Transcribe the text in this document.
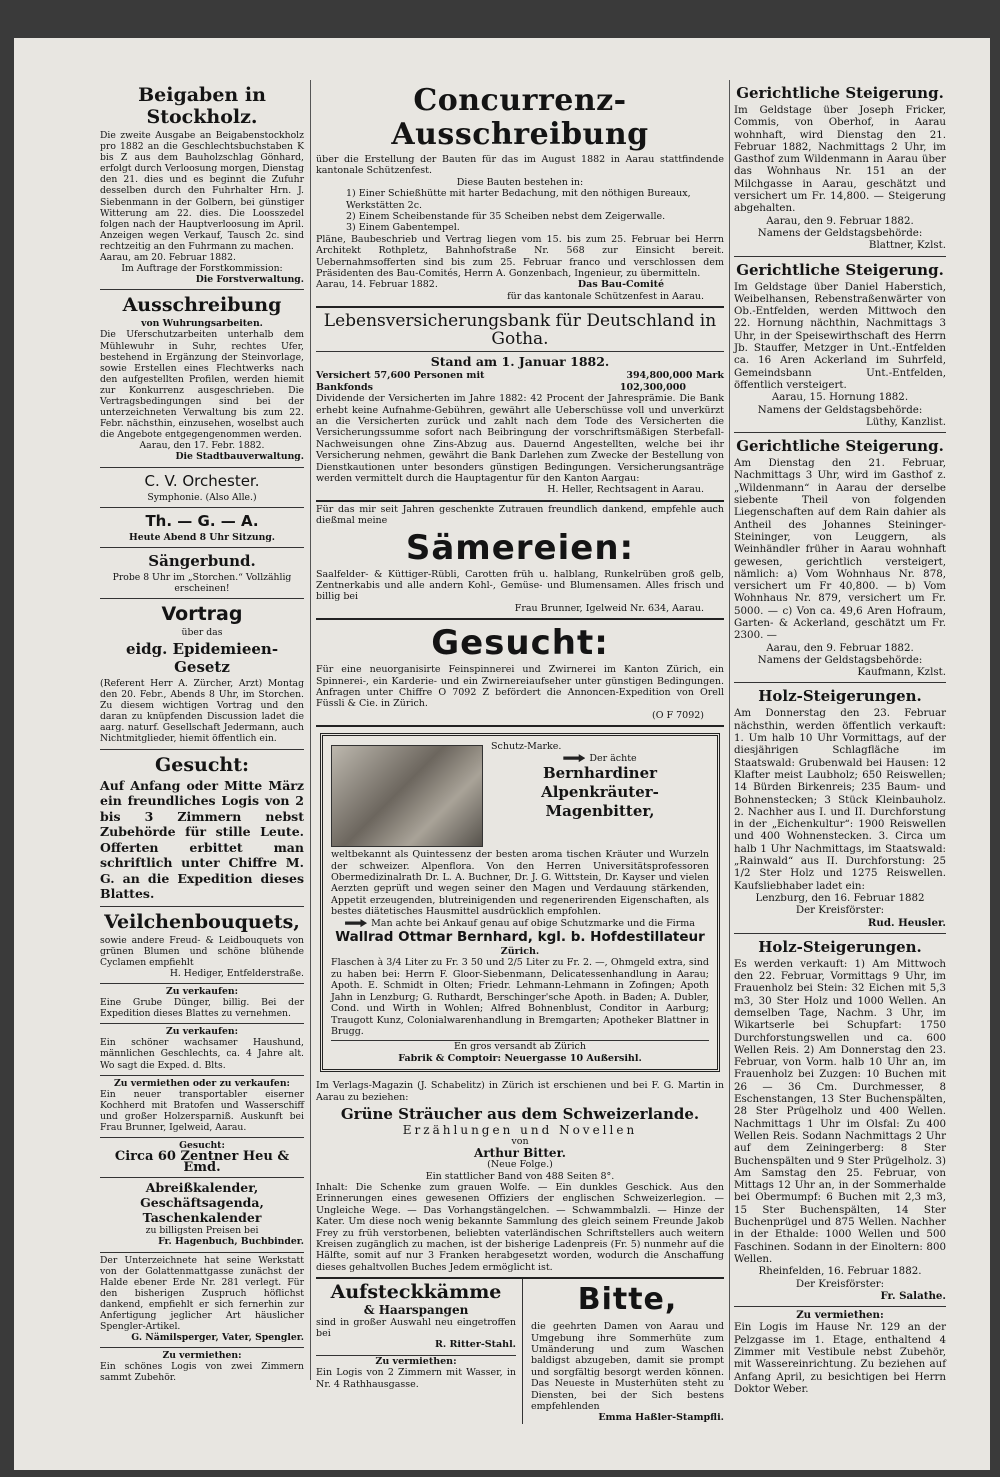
Beigaben in Stockholz.

Die zweite Ausgabe an Beigabenstockholz pro 1882 an die Geschlechtsbuchstaben K bis Z aus dem Bauholzschlag Gönhard, erfolgt durch Verloosung morgen, Dienstag den 21. dies und es beginnt die Zufuhr desselben durch den Fuhrhalter Hrn. J. Siebenmann in der Golbern, bei günstiger Witterung am 22. dies. Die Loosszedel folgen nach der Hauptverloosung im April. Anzeigen wegen Verkauf, Tausch 2c. sind rechtzeitig an den Fuhrmann zu machen.

Aarau, am 20. Februar 1882.

Im Auftrage der Forstkommission:

Die Forstverwaltung.

Ausschreibung

von Wuhrungsarbeiten.

Die Uferschutzarbeiten unterhalb dem Mühlewuhr in Suhr, rechtes Ufer, bestehend in Ergänzung der Steinvorlage, sowie Erstellen eines Flechtwerks nach den aufgestellten Profilen, werden hiemit zur Konkurrenz ausgeschrieben. Die Vertragsbedingungen sind bei der unterzeichneten Verwaltung bis zum 22. Febr. nächsthin, einzusehen, woselbst auch die Angebote entgegengenommen werden.

Aarau, den 17. Febr. 1882.

Die Stadtbauverwaltung.

C. V. Orchester.

Symphonie. (Also Alle.)

Th. — G. — A.

Heute Abend 8 Uhr Sitzung.

Sängerbund.

Probe 8 Uhr im „Storchen.“ Vollzählig erscheinen!

Vortrag

über das

eidg. Epidemieen-Gesetz

(Referent Herr A. Zürcher, Arzt) Montag den 20. Febr., Abends 8 Uhr, im Storchen. Zu diesem wichtigen Vortrag und den daran zu knüpfenden Discussion ladet die aarg. naturf. Gesellschaft Jedermann, auch Nichtmitglieder, hiemit öffentlich ein.

Gesucht:

Auf Anfang oder Mitte März ein freundliches Logis von 2 bis 3 Zimmern nebst Zubehörde für stille Leute. Offerten erbittet man schriftlich unter Chiffre M. G. an die Expedition dieses Blattes.

Veilchenbouquets,

sowie andere Freud- & Leidbouquets von grünen Blumen und schöne blühende Cyclamen empfiehlt

H. Hediger, Entfelderstraße.

Zu verkaufen:

Eine Grube Dünger, billig. Bei der Expedition dieses Blattes zu vernehmen.

Zu verkaufen:

Ein schöner wachsamer Haushund, männlichen Geschlechts, ca. 4 Jahre alt. Wo sagt die Exped. d. Blts.

Zu vermiethen oder zu verkaufen:

Ein neuer transportabler eiserner Kochherd mit Bratofen und Wasserschiff und großer Holzersparniß. Auskunft bei Frau Brunner, Igelweid, Aarau.

Gesucht:

Circa 60 Zentner Heu & Emd.

Abreißkalender,

Geschäftsagenda,

Taschenkalender

zu billigsten Preisen bei

Fr. Hagenbuch, Buchbinder.

Der Unterzeichnete hat seine Werkstatt von der Golattenmattgasse zunächst der Halde ebener Erde Nr. 281 verlegt. Für den bisherigen Zuspruch höflichst dankend, empfiehlt er sich fernerhin zur Anfertigung jeglicher Art häuslicher Spengler-Artikel.

G. Nämilsperger, Vater, Spengler.

Zu vermiethen:

Ein schönes Logis von zwei Zimmern sammt Zubehör.

Concurrenz-Ausschreibung

über die Erstellung der Bauten für das im August 1882 in Aarau stattfindende kantonale Schützenfest.

Diese Bauten bestehen in:

1) Einer Schießhütte mit harter Bedachung, mit den nöthigen Bureaux, Werkstätten 2c.

2) Einem Scheibenstande für 35 Scheiben nebst dem Zeigerwalle.

3) Einem Gabentempel.

Pläne, Baubeschrieb und Vertrag liegen vom 15. bis zum 25. Februar bei Herrn Architekt Rothpletz, Bahnhofstraße Nr. 568 zur Einsicht bereit. Uebernahmsofferten sind bis zum 25. Februar franco und verschlossen dem Präsidenten des Bau-Comités, Herrn A. Gonzenbach, Ingenieur, zu übermitteln.

Aarau, 14. Februar 1882.	Das Bau-Comité

für das kantonale Schützenfest in Aarau.

Lebensversicherungsbank für Deutschland in Gotha.

Stand am 1. Januar 1882.

Versichert 57,600 Personen mit	394,800,000 Mark

Bankfonds	102,300,000

Dividende der Versicherten im Jahre 1882: 42 Procent der Jahresprämie. Die Bank erhebt keine Aufnahme-Gebühren, gewährt alle Ueberschüsse voll und unverkürzt an die Versicherten zurück und zahlt nach dem Tode des Versicherten die Versicherungssumme sofort nach Beibringung der vorschriftsmäßigen Sterbefall-Nachweisungen ohne Zins-Abzug aus. Dauernd Angestellten, welche bei ihr Versicherung nehmen, gewährt die Bank Darlehen zum Zwecke der Bestellung von Dienstkautionen unter besonders günstigen Bedingungen. Versicherungsanträge werden vermittelt durch die Hauptagentur für den Kanton Aargau:

H. Heller, Rechtsagent in Aarau.

Für das mir seit Jahren geschenkte Zutrauen freundlich dankend, empfehle auch dießmal meine

Sämereien:

Saalfelder- & Küttiger-Rübli, Carotten früh u. halblang, Runkelrüben groß gelb, Zentnerkabis und alle andern Kohl-, Gemüse- und Blumensamen. Alles frisch und billig bei

Frau Brunner, Igelweid Nr. 634, Aarau.

Gesucht:

Für eine neuorganisirte Feinspinnerei und Zwirnerei im Kanton Zürich, ein Spinnerei-, ein Karderie- und ein Zwirnereiaufseher unter günstigen Bedingungen. Anfragen unter Chiffre O 7092 Z befördert die Annoncen-Expedition von Orell Füssli & Cie. in Zürich.

(O F 7092)

Schutz-Marke.

Der ächte

Bernhardiner

Alpenkräuter-

Magenbitter,

weltbekannt als Quintessenz der besten aroma tischen Kräuter und Wurzeln der schweizer. Alpenflora. Von den Herren Universitätsprofessoren Obermedizinalrath Dr. L. A. Buchner, Dr. J. G. Wittstein, Dr. Kayser und vielen Aerzten geprüft und wegen seiner den Magen und Verdauung stärkenden, Appetit erzeugenden, blutreinigenden und regenerirenden Eigenschaften, als bestes diätetisches Hausmittel ausdrücklich empfohlen.

Man achte bei Ankauf genau auf obige Schutzmarke und die Firma

Wallrad Ottmar Bernhard, kgl. b. Hofdestillateur

Zürich.

Flaschen à 3/4 Liter zu Fr. 3 50 und 2/5 Liter zu Fr. 2. —, Ohmgeld extra, sind zu haben bei: Herrn F. Gloor-Siebenmann, Delicatessenhandlung in Aarau; Apoth. E. Schmidt in Olten; Friedr. Lehmann-Lehmann in Zofingen; Apoth Jahn in Lenzburg; G. Ruthardt, Berschinger'sche Apoth. in Baden; A. Dubler, Cond. und Wirth in Wohlen; Alfred Bohnenblust, Conditor in Aarburg; Traugott Kunz, Colonialwarenhandlung in Bremgarten; Apotheker Blattner in Brugg.

En gros versandt ab Zürich

Fabrik & Comptoir: Neuergasse 10 Außersihl.

Im Verlags-Magazin (J. Schabelitz) in Zürich ist erschienen und bei F. G. Martin in Aarau zu beziehen:

Grüne Sträucher aus dem Schweizerlande.

Erzählungen und Novellen

von

Arthur Bitter.

(Neue Folge.)

Ein stattlicher Band von 488 Seiten 8°.

Inhalt: Die Schenke zum grauen Wolfe. — Ein dunkles Geschick. Aus den Erinnerungen eines gewesenen Offiziers der englischen Schweizerlegion. — Ungleiche Wege. — Das Vorhangstängelchen. — Schwammbalzli. — Hinze der Kater. Um diese noch wenig bekannte Sammlung des gleich seinem Freunde Jakob Frey zu früh verstorbenen, beliebten vaterländischen Schriftstellers auch weitern Kreisen zugänglich zu machen, ist der bisherige Ladenpreis (Fr. 5) nunmehr auf die Hälfte, somit auf nur 3 Franken herabgesetzt worden, wodurch die Anschaffung dieses gehaltvollen Buches Jedem ermöglicht ist.

Aufsteckkämme

& Haarspangen

sind in großer Auswahl neu eingetroffen bei

R. Ritter-Stahl.

Zu vermiethen:

Ein Logis von 2 Zimmern mit Wasser, in Nr. 4 Rathhausgasse.

Bitte,

die geehrten Damen von Aarau und Umgebung ihre Sommerhüte zum Umänderung und zum Waschen baldigst abzugeben, damit sie prompt und sorgfältig besorgt werden können. Das Neueste in Musterhüten steht zu Diensten, bei der Sich bestens empfehlenden

Emma Haßler-Stampfli.

Gerichtliche Steigerung.

Im Geldstage über Joseph Fricker, Commis, von Oberhof, in Aarau wohnhaft, wird Dienstag den 21. Februar 1882, Nachmittags 2 Uhr, im Gasthof zum Wildenmann in Aarau über das Wohnhaus Nr. 151 an der Milchgasse in Aarau, geschätzt und versichert um Fr. 14,800. — Steigerung abgehalten.

Aarau, den 9. Februar 1882.

Namens der Geldstagsbehörde:

Blattner, Kzlst.

Gerichtliche Steigerung.

Im Geldstage über Daniel Haberstich, Weibelhansen, Rebenstraßenwärter von Ob.-Entfelden, werden Mittwoch den 22. Hornung nächthin, Nachmittags 3 Uhr, in der Speisewirthschaft des Herrn Jb. Stauffer, Metzger in Unt.-Entfelden ca. 16 Aren Ackerland im Suhrfeld, Gemeindsbann Unt.-Entfelden, öffentlich versteigert.

Aarau, 15. Hornung 1882.

Namens der Geldstagsbehörde:

Lüthy, Kanzlist.

Gerichtliche Steigerung.

Am Dienstag den 21. Februar, Nachmittags 3 Uhr, wird im Gasthof z. „Wildenmann“ in Aarau der derselbe siebente Theil von folgenden Liegenschaften auf dem Rain dahier als Antheil des Johannes Steininger-Steininger, von Leuggern, als Weinhändler früher in Aarau wohnhaft gewesen, gerichtlich versteigert, nämlich: a) Vom Wohnhaus Nr. 878, versichert um Fr 40,800. — b) Vom Wohnhaus Nr. 879, versichert um Fr. 5000. — c) Von ca. 49,6 Aren Hofraum, Garten- & Ackerland, geschätzt um Fr. 2300. —

Aarau, den 9. Februar 1882.

Namens der Geldstagsbehörde:

Kaufmann, Kzlst.

Holz-Steigerungen.

Am Donnerstag den 23. Februar nächsthin, werden öffentlich verkauft: 1. Um halb 10 Uhr Vormittags, auf der diesjährigen Schlagfläche im Staatswald: Grubenwald bei Hausen: 12 Klafter meist Laubholz; 650 Reiswellen; 14 Bürden Birkenreis; 235 Baum- und Bohnenstecken; 3 Stück Kleinbauholz. 2. Nachher aus I. und II. Durchforstung in der „Eichenkultur“: 1900 Reiswellen und 400 Wohnenstecken. 3. Circa um halb 1 Uhr Nachmittags, im Staatswald: „Rainwald“ aus II. Durchforstung: 25 1/2 Ster Holz und 1275 Reiswellen. Kaufsliebhaber ladet ein:

Lenzburg, den 16. Februar 1882

Der Kreisförster:

Rud. Heusler.

Holz-Steigerungen.

Es werden verkauft: 1) Am Mittwoch den 22. Februar, Vormittags 9 Uhr, im Frauenholz bei Stein: 32 Eichen mit 5,3 m3, 30 Ster Holz und 1000 Wellen. An demselben Tage, Nachm. 3 Uhr, im Wikartserle bei Schupfart: 1750 Durchforstungswellen und ca. 600 Wellen Reis. 2) Am Donnerstag den 23. Februar, von Vorm. halb 10 Uhr an, im Frauenholz bei Zuzgen: 10 Buchen mit 26 — 36 Cm. Durchmesser, 8 Eschenstangen, 13 Ster Buchenspälten, 28 Ster Prügelholz und 400 Wellen. Nachmittags 1 Uhr im Olsfal: Zu 400 Wellen Reis. Sodann Nachmittags 2 Uhr auf dem Zeiningerberg: 8 Ster Buchenspälten und 9 Ster Prügelholz. 3) Am Samstag den 25. Februar, von Mittags 12 Uhr an, in der Sommerhalde bei Obermumpf: 6 Buchen mit 2,3 m3, 15 Ster Buchenspälten, 14 Ster Buchenprügel und 875 Wellen. Nachher in der Ethalde: 1000 Wellen und 500 Faschinen. Sodann in der Einoltern: 800 Wellen.

Rheinfelden, 16. Februar 1882.

Der Kreisförster:

Fr. Salathe.

Zu vermiethen:

Ein Logis im Hause Nr. 129 an der Pelzgasse im 1. Etage, enthaltend 4 Zimmer mit Vestibule nebst Zubehör, mit Wassereinrichtung. Zu beziehen auf Anfang April, zu besichtigen bei Herrn Doktor Weber.
